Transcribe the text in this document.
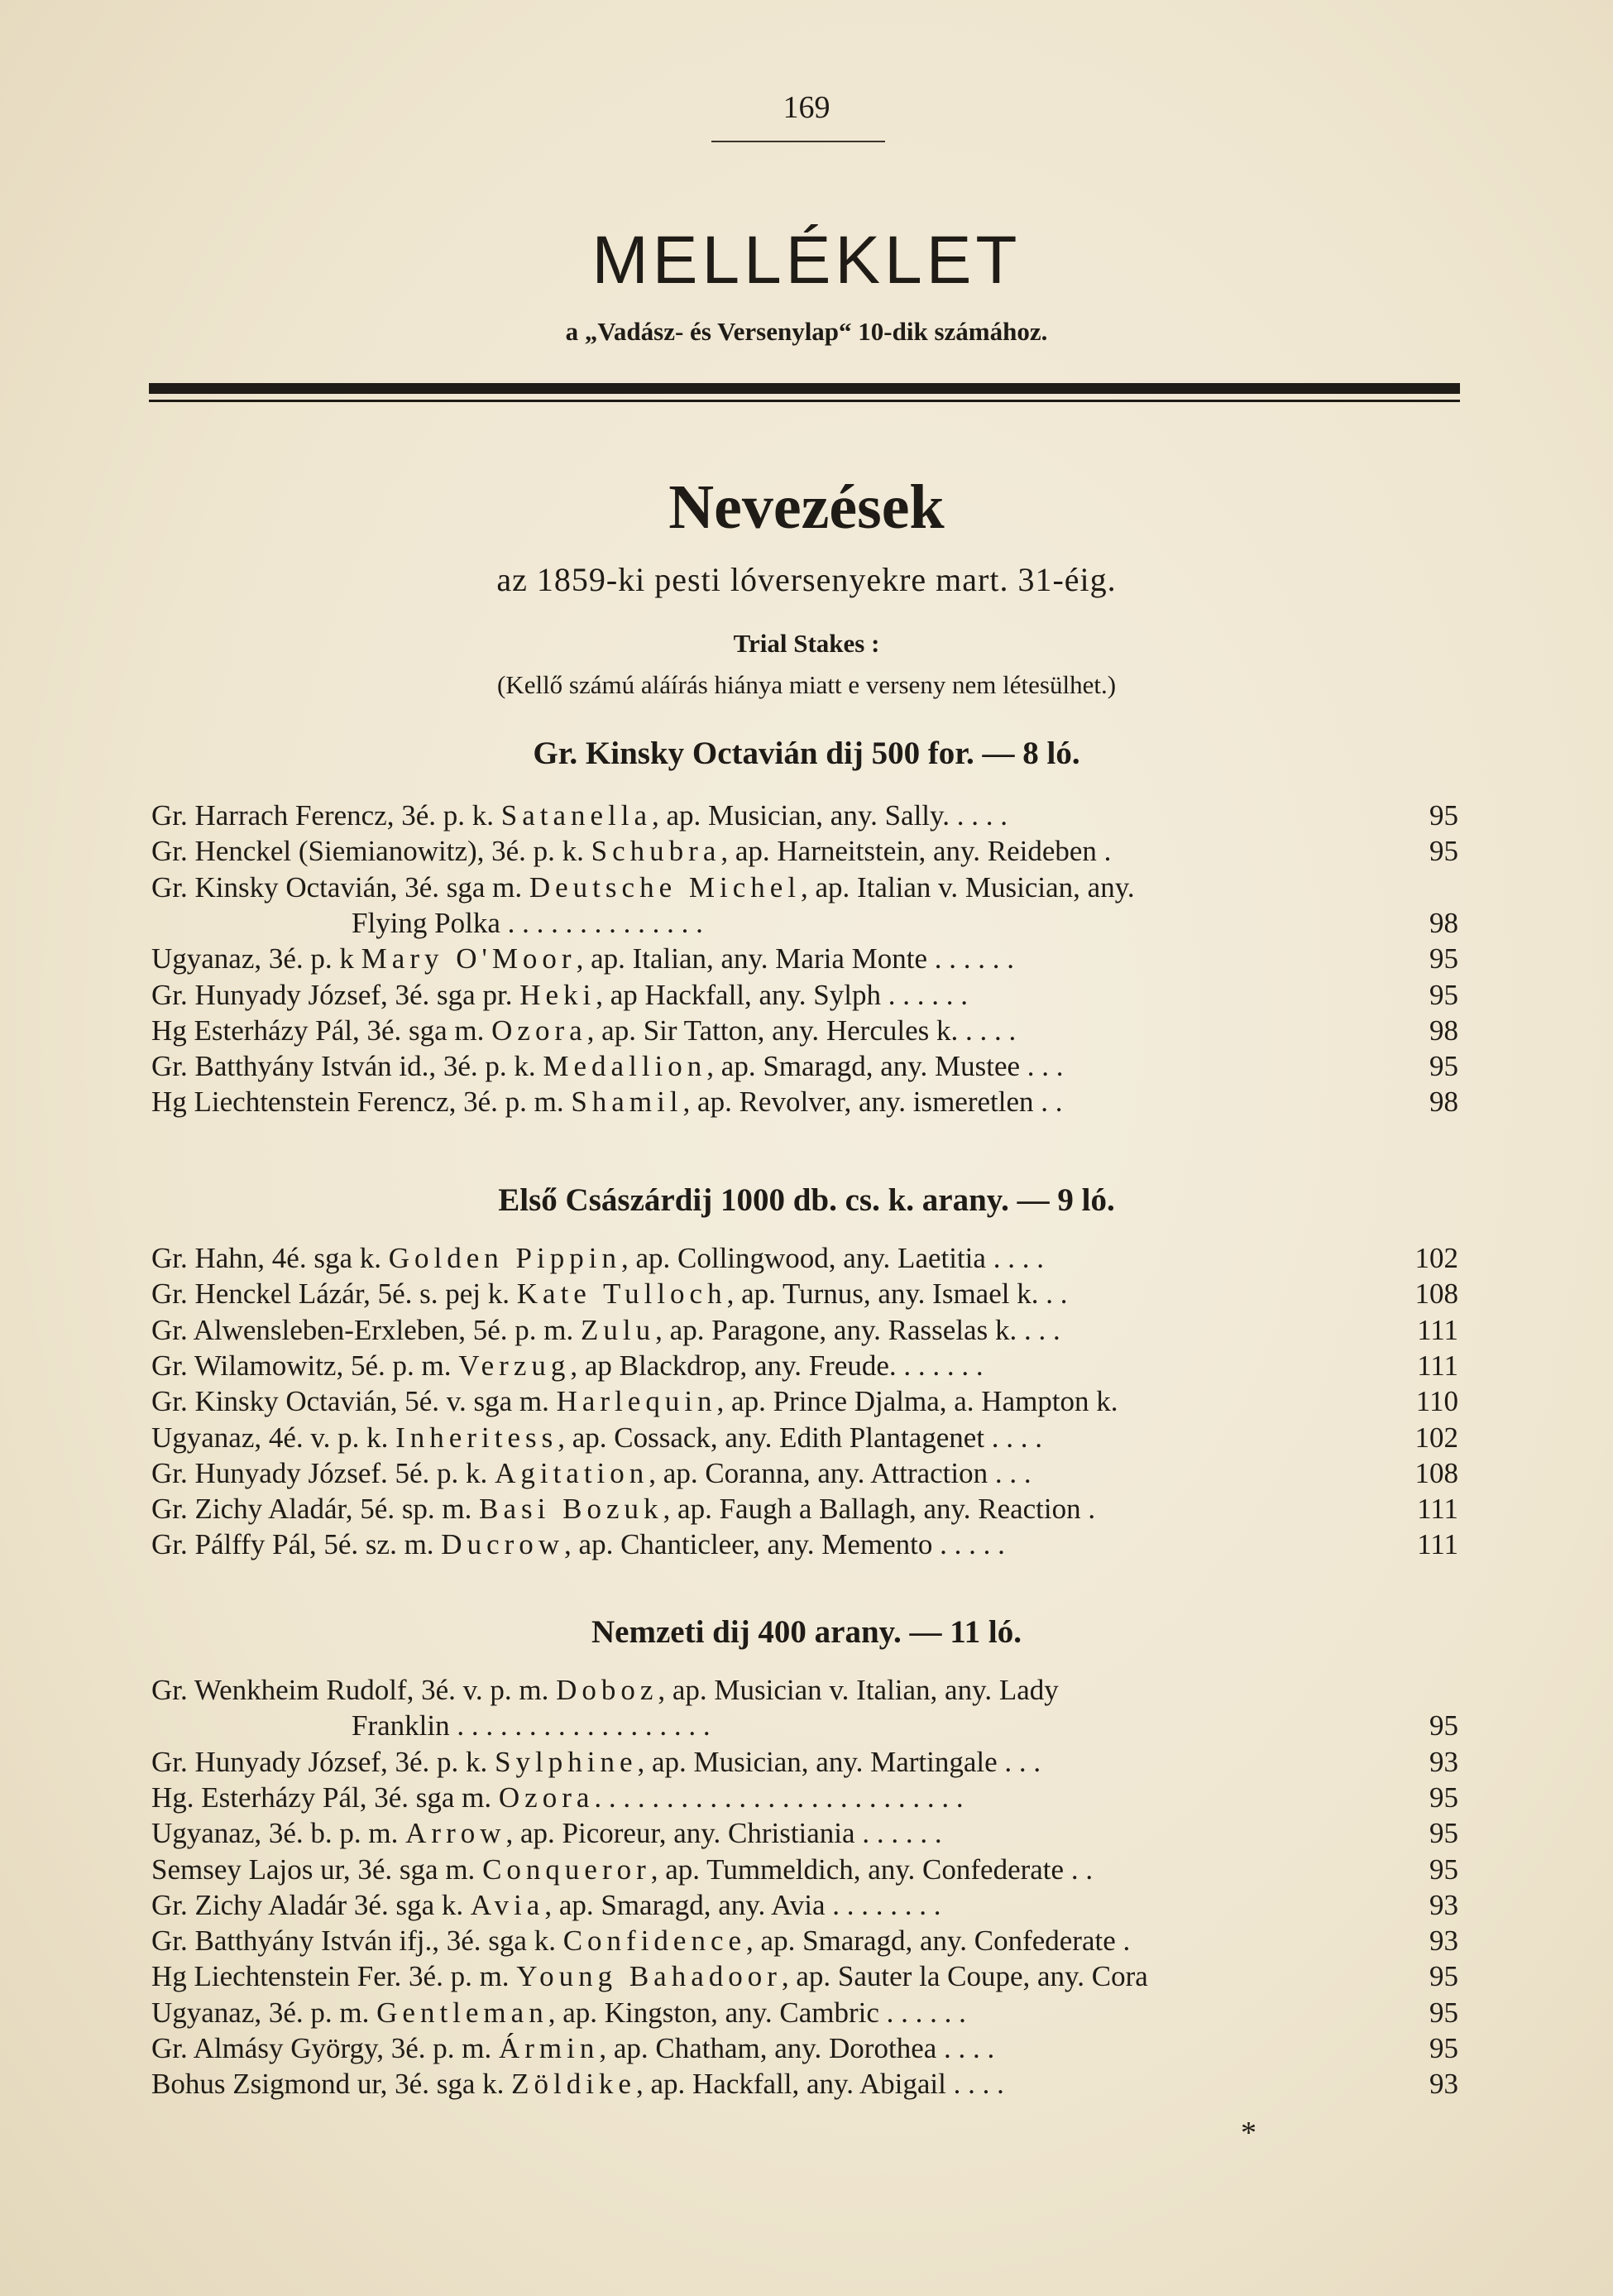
169
MELLÉKLET
a „Vadász- és Versenylap“ 10-dik számához.
Nevezések
az 1859-ki pesti lóversenyekre mart. 31-éig.
Trial Stakes :
(Kellő számú aláírás hiánya miatt e verseny nem létesülhet.)
Gr. Kinsky Octavián dij 500 for. — 8 ló.
Gr. Harrach Ferencz, 3é. p. k. Satanella, ap. Musician, any. Sally. . . . .	95
Gr. Henckel (Siemianowitz), 3é. p. k. Schubra, ap. Harneitstein, any. Reideben .	95
Gr. Kinsky Octavián, 3é. sga m. Deutsche Michel, ap. Italian v. Musician, any.
Flying Polka . . . . . . . . . . . . . .	98
Ugyanaz, 3é. p. k Mary O'Moor, ap. Italian, any. Maria Monte . . . . . .	95
Gr. Hunyady József, 3é. sga pr. Heki, ap Hackfall, any. Sylph . . . . . .	95
Hg Esterházy Pál, 3é. sga m. Ozora, ap. Sir Tatton, any. Hercules k. . . . .	98
Gr. Batthyány István id., 3é. p. k. Medallion, ap. Smaragd, any. Mustee . . .	95
Hg Liechtenstein Ferencz, 3é. p. m. Shamil, ap. Revolver, any. ismeretlen . .	98
Első Császárdij 1000 db. cs. k. arany. — 9 ló.
Gr. Hahn, 4é. sga k. Golden Pippin, ap. Collingwood, any. Laetitia . . . .	102
Gr. Henckel Lázár, 5é. s. pej k. Kate Tulloch, ap. Turnus, any. Ismael k. . .	108
Gr. Alwensleben-Erxleben, 5é. p. m. Zulu, ap. Paragone, any. Rasselas k. . . .	111
Gr. Wilamowitz, 5é. p. m. Verzug, ap Blackdrop, any. Freude. . . . . . .	111
Gr. Kinsky Octavián, 5é. v. sga m. Harlequin, ap. Prince Djalma, a. Hampton k.	110
Ugyanaz, 4é. v. p. k. Inheritess, ap. Cossack, any. Edith Plantagenet . . . .	102
Gr. Hunyady József. 5é. p. k. Agitation, ap. Coranna, any. Attraction . . .	108
Gr. Zichy Aladár, 5é. sp. m. Basi Bozuk, ap. Faugh a Ballagh, any. Reaction .	111
Gr. Pálffy Pál, 5é. sz. m. Ducrow, ap. Chanticleer, any. Memento . . . . .	111
Nemzeti dij 400 arany. — 11 ló.
Gr. Wenkheim Rudolf, 3é. v. p. m. Doboz, ap. Musician v. Italian, any. Lady
Franklin . . . . . . . . . . . . . . . . . .	95
Gr. Hunyady József, 3é. p. k. Sylphine, ap. Musician, any. Martingale . . .	93
Hg. Esterházy Pál, 3é. sga m. Ozora. . . . . . . . . . . . . . . . . . . . . . . . . .	95
Ugyanaz, 3é. b. p. m. Arrow, ap. Picoreur, any. Christiania . . . . . .	95
Semsey Lajos ur, 3é. sga m. Conqueror, ap. Tummeldich, any. Confederate . .	95
Gr. Zichy Aladár 3é. sga k. Avia, ap. Smaragd, any. Avia . . . . . . . .	93
Gr. Batthyány István ifj., 3é. sga k. Confidence, ap. Smaragd, any. Confederate .	93
Hg Liechtenstein Fer. 3é. p. m. Young Bahadoor, ap. Sauter la Coupe, any. Cora	95
Ugyanaz, 3é. p. m. Gentleman, ap. Kingston, any. Cambric . . . . . .	95
Gr. Almásy György, 3é. p. m. Ármin, ap. Chatham, any. Dorothea . . . .	95
Bohus Zsigmond ur, 3é. sga k. Zöldike, ap. Hackfall, any. Abigail . . . .	93
*
